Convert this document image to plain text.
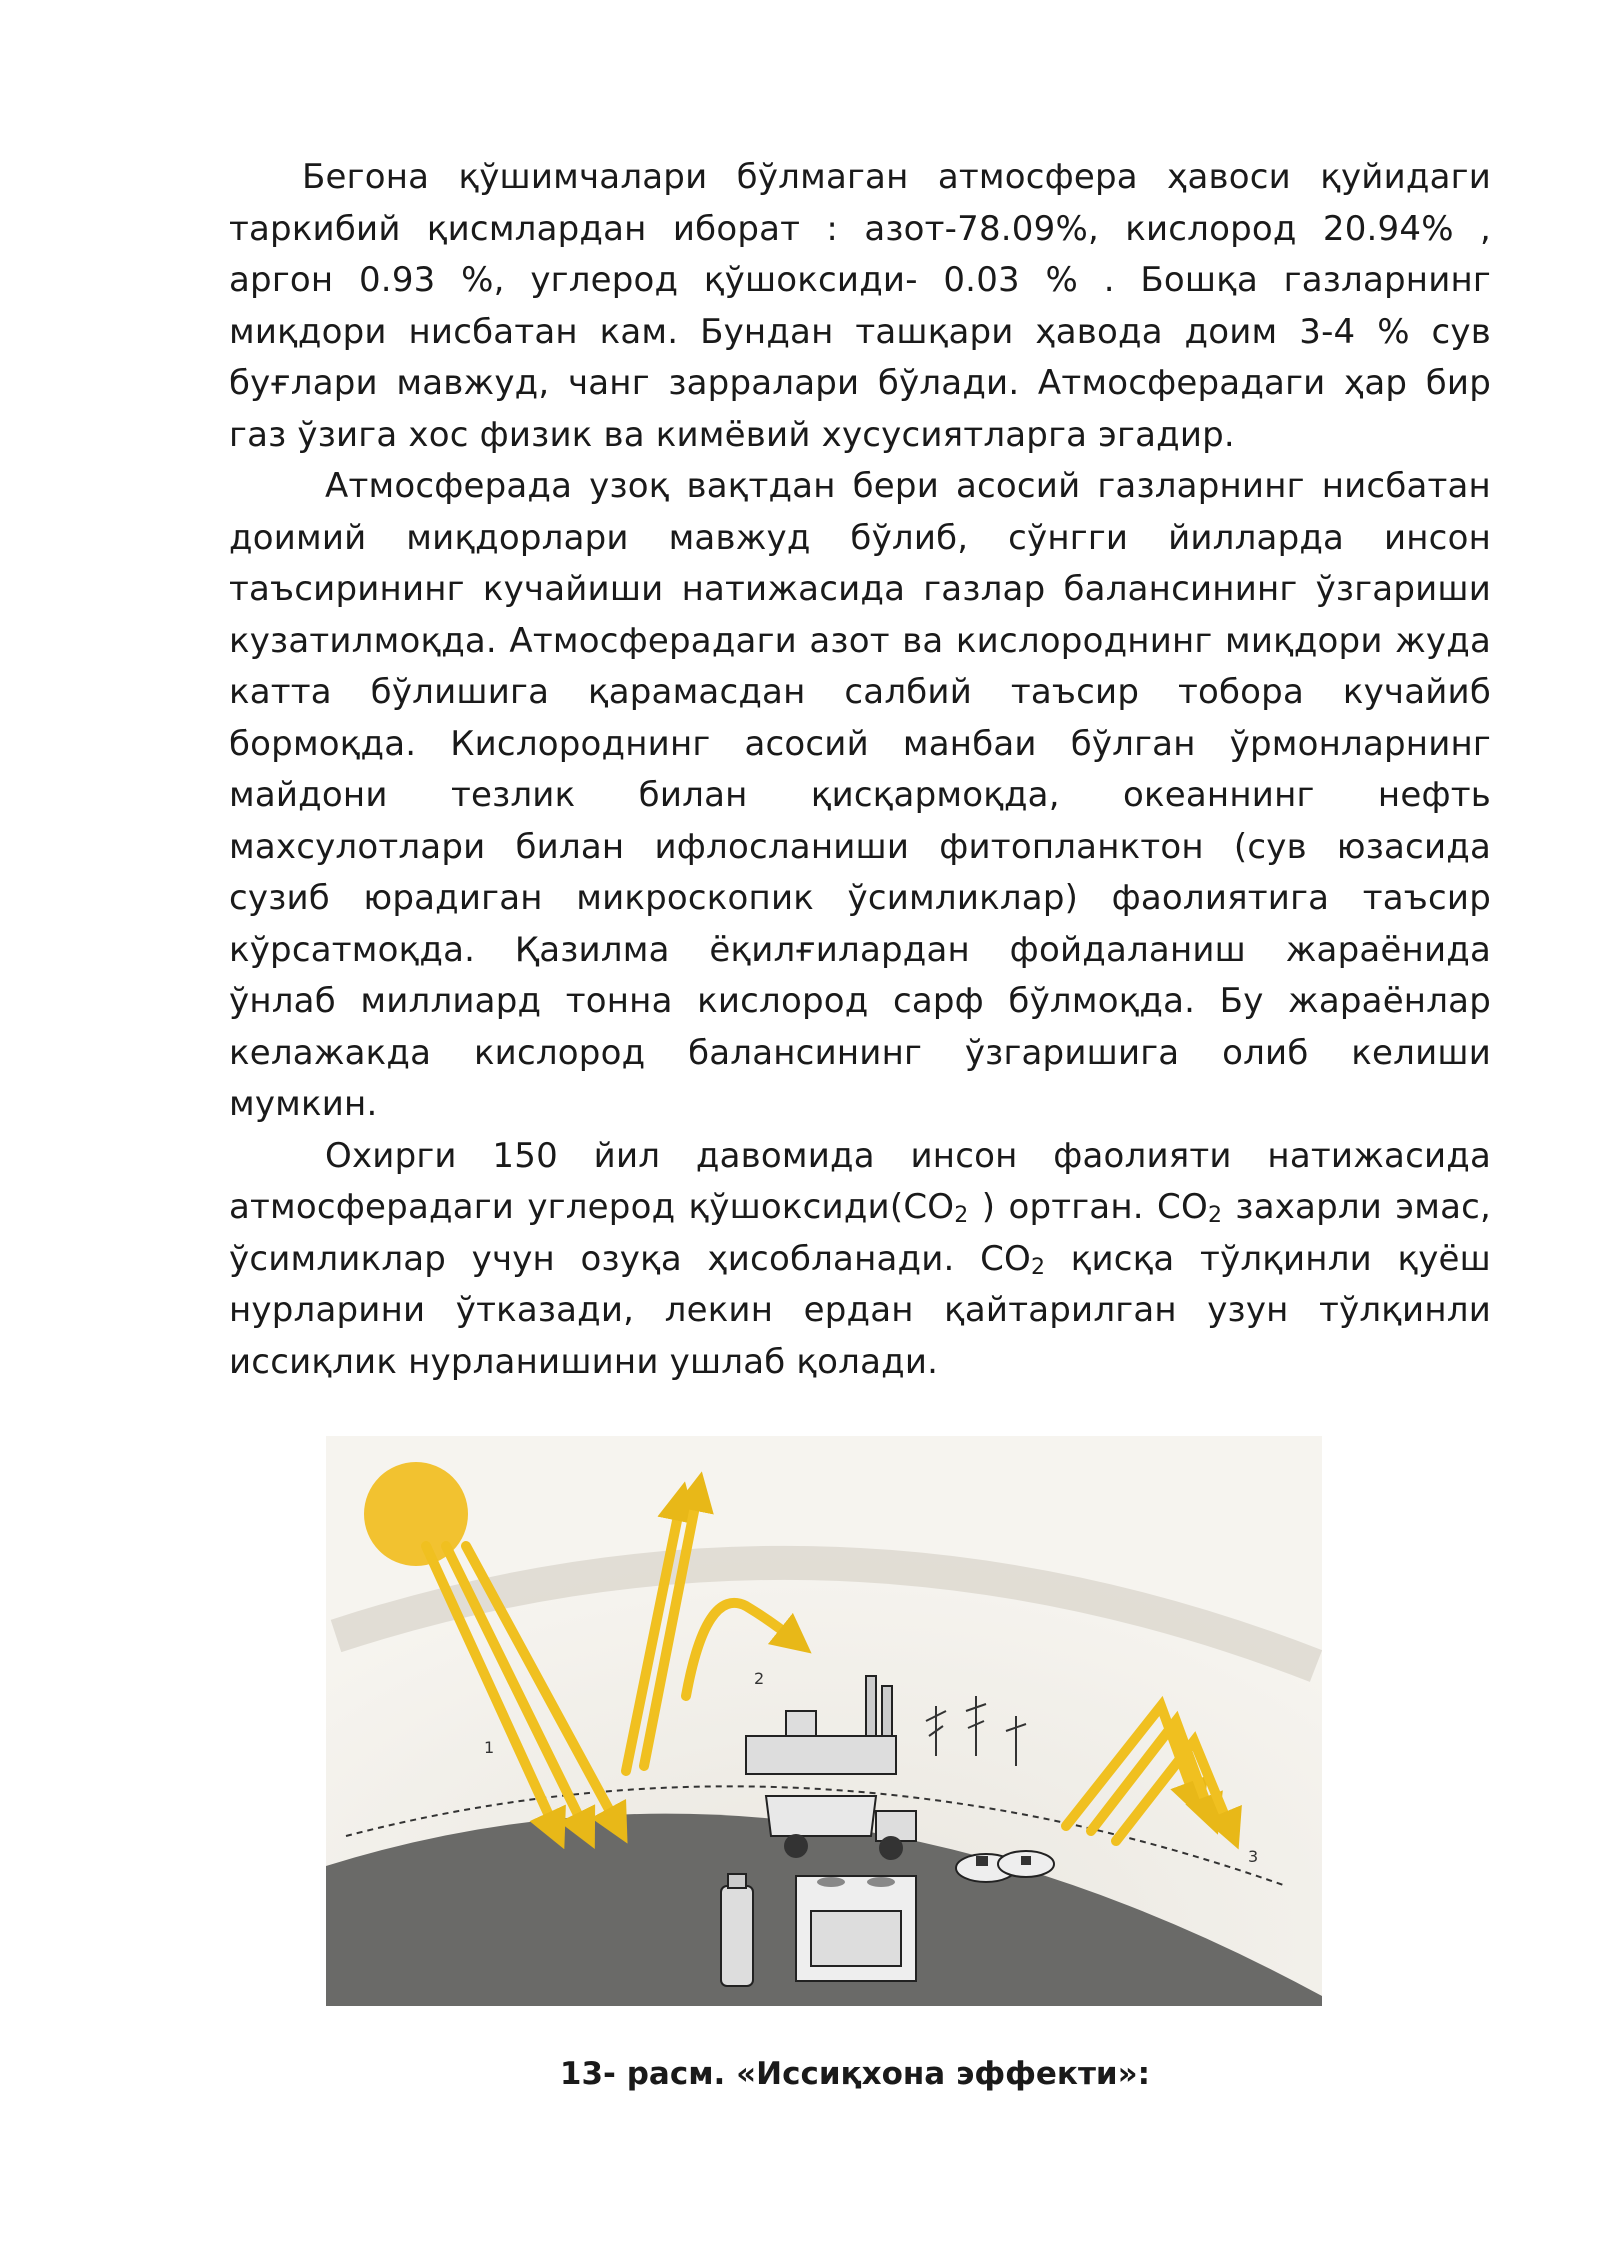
Бегона қўшимчалари бўлмаган атмосфера ҳавоси қуйидаги таркибий қисмлардан иборат : азот-78.09%, кислород 20.94% , аргон 0.93 %, углерод қўшоксиди- 0.03 % . Бошқа газларнинг миқдори нисбатан кам. Бундан ташқари ҳавода доим 3-4 % сув буғлари мавжуд, чанг зарралари бўлади. Атмосферадаги ҳар бир газ ўзига хос физик ва кимёвий хусусиятларга эгадир.

Атмосферада узоқ вақтдан бери асосий газларнинг нисбатан доимий миқдорлари мавжуд бўлиб, сўнгги йилларда инсон таъсирининг кучайиши натижасида газлар балансининг ўзгариши кузатилмоқда. Атмосферадаги азот ва кислороднинг миқдори жуда катта бўлишига қарамасдан салбий таъсир тобора кучайиб бормоқда. Кислороднинг асосий манбаи бўлган ўрмонларнинг майдони тезлик билан қисқармоқда, океаннинг нефть махсулотлари билан ифлосланиши фитопланктон (сув юзасида сузиб юрадиган микроскопик ўсимликлар) фаолиятига таъсир кўрсатмоқда. Қазилма ёқилғилардан фойдаланиш жараёнида ўнлаб миллиард тонна кислород сарф бўлмоқда. Бу жараёнлар келажакда кислород балансининг ўзгаришига олиб келиши мумкин.

Охирги 150 йил давомида инсон фаолияти натижасида атмосферадаги углерод $қўшоксиди(CO_2$ ) ортган. $CO_2$ захарли эмас, ўсимликлар учун озуқа ҳисобланади. $CO_2$ қисқа тўлқинли қуёш нурларини ўтказади, лекин ердан қайтарилган узун тўлқинли иссиқлик нурланишини ушлаб қолади.

1
2
3
13- расм. «Иссиқхона эффекти»:
